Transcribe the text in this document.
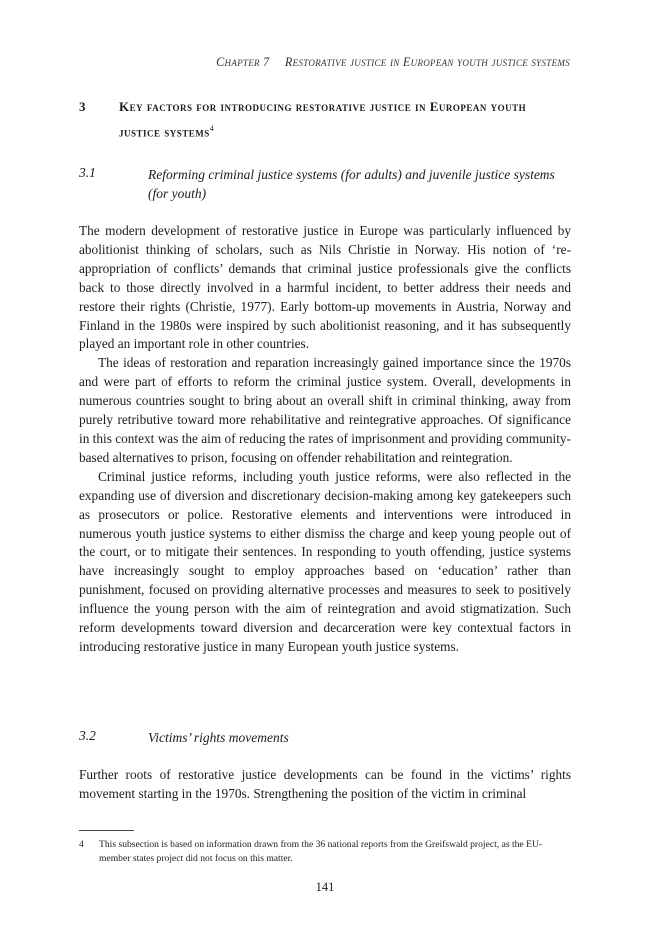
Chapter 7 Restorative justice in European youth justice systems
3	Key factors for introducing restorative justice in European youth justice systems$^4$
3.1	Reforming criminal justice systems (for adults) and juvenile justice systems (for youth)

The modern development of restorative justice in Europe was particularly influenced by abolitionist thinking of scholars, such as Nils Christie in Norway. His notion of ‘re-appropriation of conflicts’ demands that criminal justice professionals give the conflicts back to those directly involved in a harmful incident, to better address their needs and restore their rights (Christie, 1977). Early bottom-up movements in Austria, Norway and Finland in the 1980s were inspired by such abolitionist reasoning, and it has subsequently played an important role in other countries.

The ideas of restoration and reparation increasingly gained importance since the 1970s and were part of efforts to reform the criminal justice system. Overall, developments in numerous countries sought to bring about an overall shift in criminal thinking, away from purely retributive toward more rehabilitative and reintegrative approaches. Of significance in this context was the aim of reducing the rates of imprisonment and providing community-based alternatives to prison, focusing on offender rehabilitation and reintegration.

Criminal justice reforms, including youth justice reforms, were also reflected in the expanding use of diversion and discretionary decision-making among key gatekeepers such as prosecutors or police. Restorative elements and interventions were introduced in numerous youth justice systems to either dismiss the charge and keep young people out of the court, or to mitigate their sentences. In responding to youth offending, justice systems have increasingly sought to employ approaches based on ‘education’ rather than punishment, focused on providing alternative processes and measures to seek to positively influence the young person with the aim of reintegration and avoid stigmatization. Such reform developments toward diversion and decarceration were key contextual factors in introducing restorative justice in many European youth justice systems.

3.2	Victims’ rights movements

Further roots of restorative justice developments can be found in the victims’ rights movement starting in the 1970s. Strengthening the position of the victim in criminal

4 This subsection is based on information drawn from the 36 national reports from the Greifswald project, as the EU-member states project did not focus on this matter.
141
